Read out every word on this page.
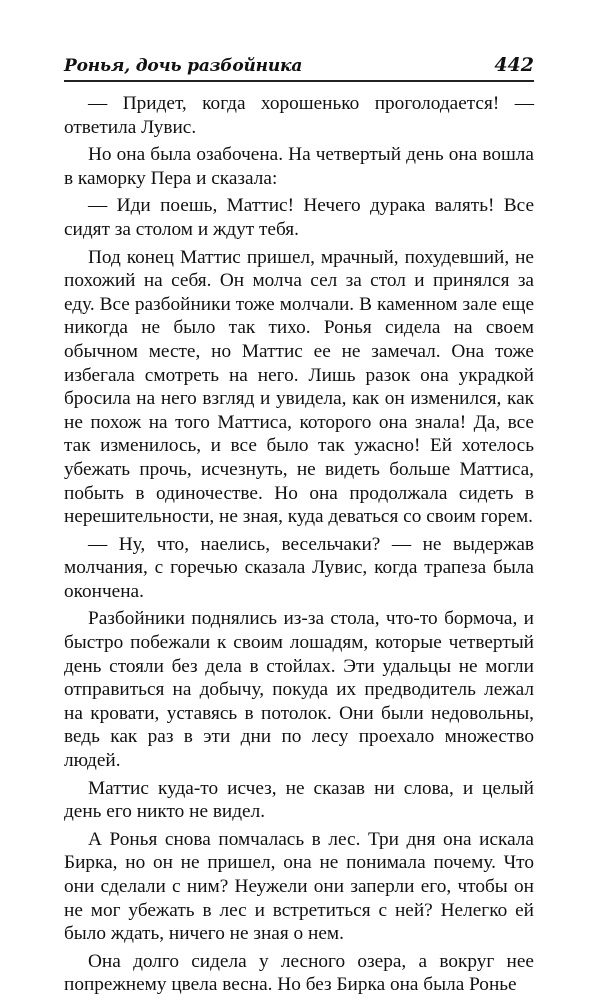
Ронья, дочь разбойника	442

— Придет, когда хорошенько проголодается! — ответила Лувис.

Но она была озабочена. На четвертый день она вошла в каморку Пера и сказала:

— Иди поешь, Маттис! Нечего дурака валять! Все сидят за столом и ждут тебя.

Под конец Маттис пришел, мрачный, похудевший, не похожий на себя. Он молча сел за стол и принялся за еду. Все разбойники тоже молчали. В каменном зале еще никогда не было так тихо. Ронья сидела на своем обычном месте, но Маттис ее не замечал. Она тоже избегала смотреть на него. Лишь разок она украдкой бросила на него взгляд и увидела, как он изменился, как не похож на того Маттиса, которого она знала! Да, все так изменилось, и все было так ужасно! Ей хотелось убежать прочь, исчезнуть, не видеть больше Маттиса, побыть в одиночестве. Но она продолжала сидеть в нерешительности, не зная, куда деваться со своим горем.

— Ну, что, наелись, весельчаки? — не выдержав молчания, с горечью сказала Лувис, когда трапеза была окончена.

Разбойники поднялись из-за стола, что-то бормоча, и быстро побежали к своим лошадям, которые четвертый день стояли без дела в стойлах. Эти удальцы не могли отправиться на добычу, покуда их предводитель лежал на кровати, уставясь в потолок. Они были недовольны, ведь как раз в эти дни по лесу проехало множество людей.

Маттис куда-то исчез, не сказав ни слова, и целый день его никто не видел.

А Ронья снова помчалась в лес. Три дня она искала Бирка, но он не пришел, она не понимала почему. Что они сделали с ним? Неужели они заперли его, чтобы он не мог убежать в лес и встретиться с ней? Нелегко ей было ждать, ничего не зная о нем.

Она долго сидела у лесного озера, а вокруг нее попрежнему цвела весна. Но без Бирка она была Ронье
